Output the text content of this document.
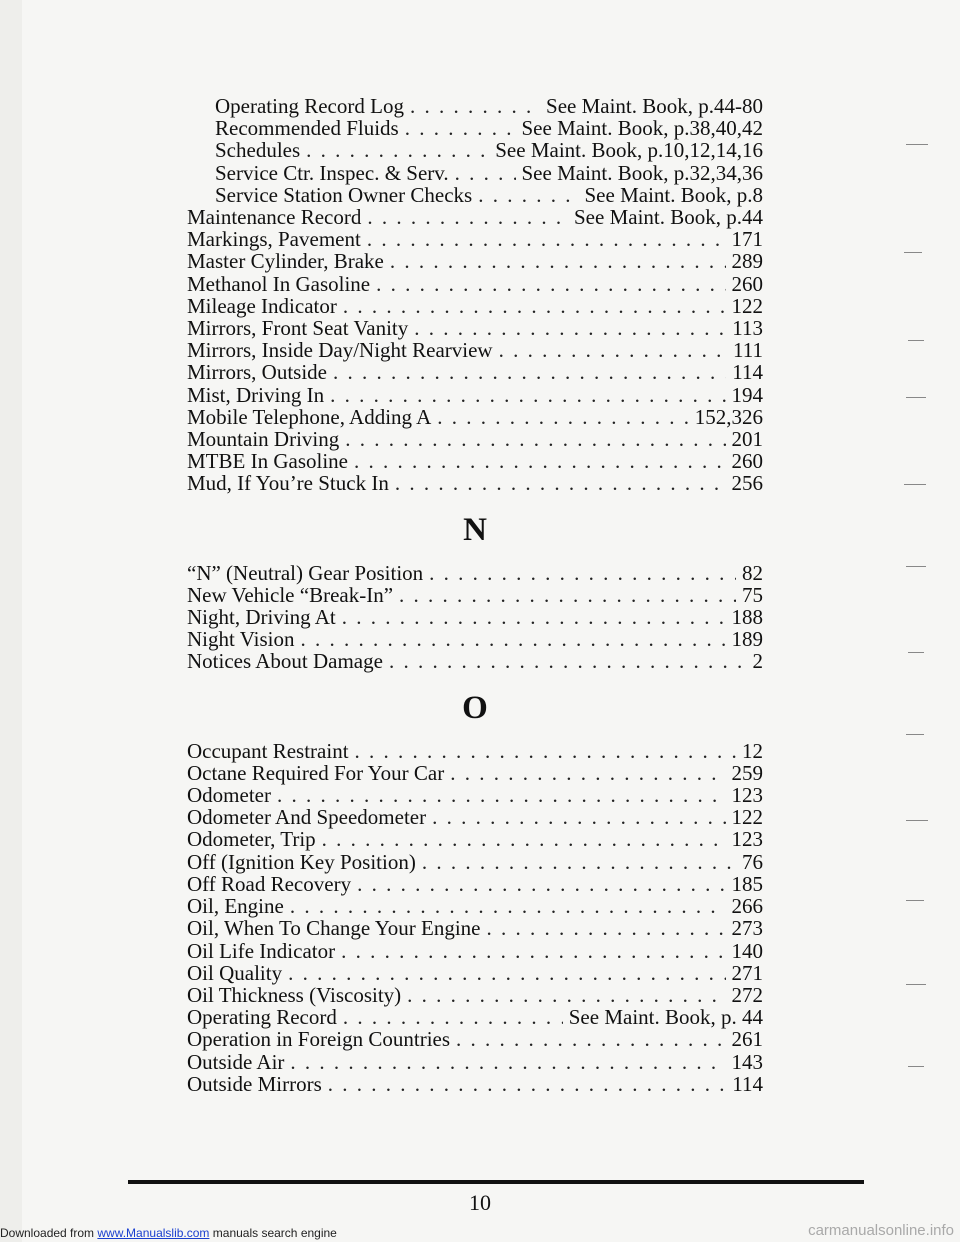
Operating Record Log . . .	See Maint. Book, p.44-80
Recommended Fluids . . .	See Maint. Book, p.38,40,42
Schedules . . .	See Maint. Book, p.10,12,14,16
Service Ctr. Inspec. & Serv. . . .	See Maint. Book, p.32,34,36
Service Station Owner Checks . . .	See Maint. Book, p.8
Maintenance Record . . .	See Maint. Book, p.44
Markings, Pavement . . .	171
Master Cylinder, Brake . . .	289
Methanol In Gasoline . . .	260
Mileage Indicator . . .	122
Mirrors, Front Seat Vanity . . .	113
Mirrors, Inside Day/Night Rearview . . .	111
Mirrors, Outside . . .	114
Mist, Driving In . . .	194
Mobile Telephone, Adding A . . .	152,326
Mountain Driving . . .	201
MTBE In Gasoline . . .	260
Mud, If You’re Stuck In . . .	256
N
“N” (Neutral) Gear Position . . .	82
New Vehicle “Break-In” . . .	75
Night, Driving At . . .	188
Night Vision . . .	189
Notices About Damage . . .	2
O
Occupant Restraint . . .	12
Octane Required For Your Car . . .	259
Odometer . . .	123
Odometer And Speedometer . . .	122
Odometer, Trip . . .	123
Off (Ignition Key Position) . . .	76
Off Road Recovery . . .	185
Oil, Engine . . .	266
Oil, When To Change Your Engine . . .	273
Oil Life Indicator . . .	140
Oil Quality . . .	271
Oil Thickness (Viscosity) . . .	272
Operating Record . . .	See Maint. Book, p. 44
Operation in Foreign Countries . . .	261
Outside Air . . .	143
Outside Mirrors . . .	114
10
Downloaded from www.Manualslib.com manuals search engine	carmanualsonline.info
